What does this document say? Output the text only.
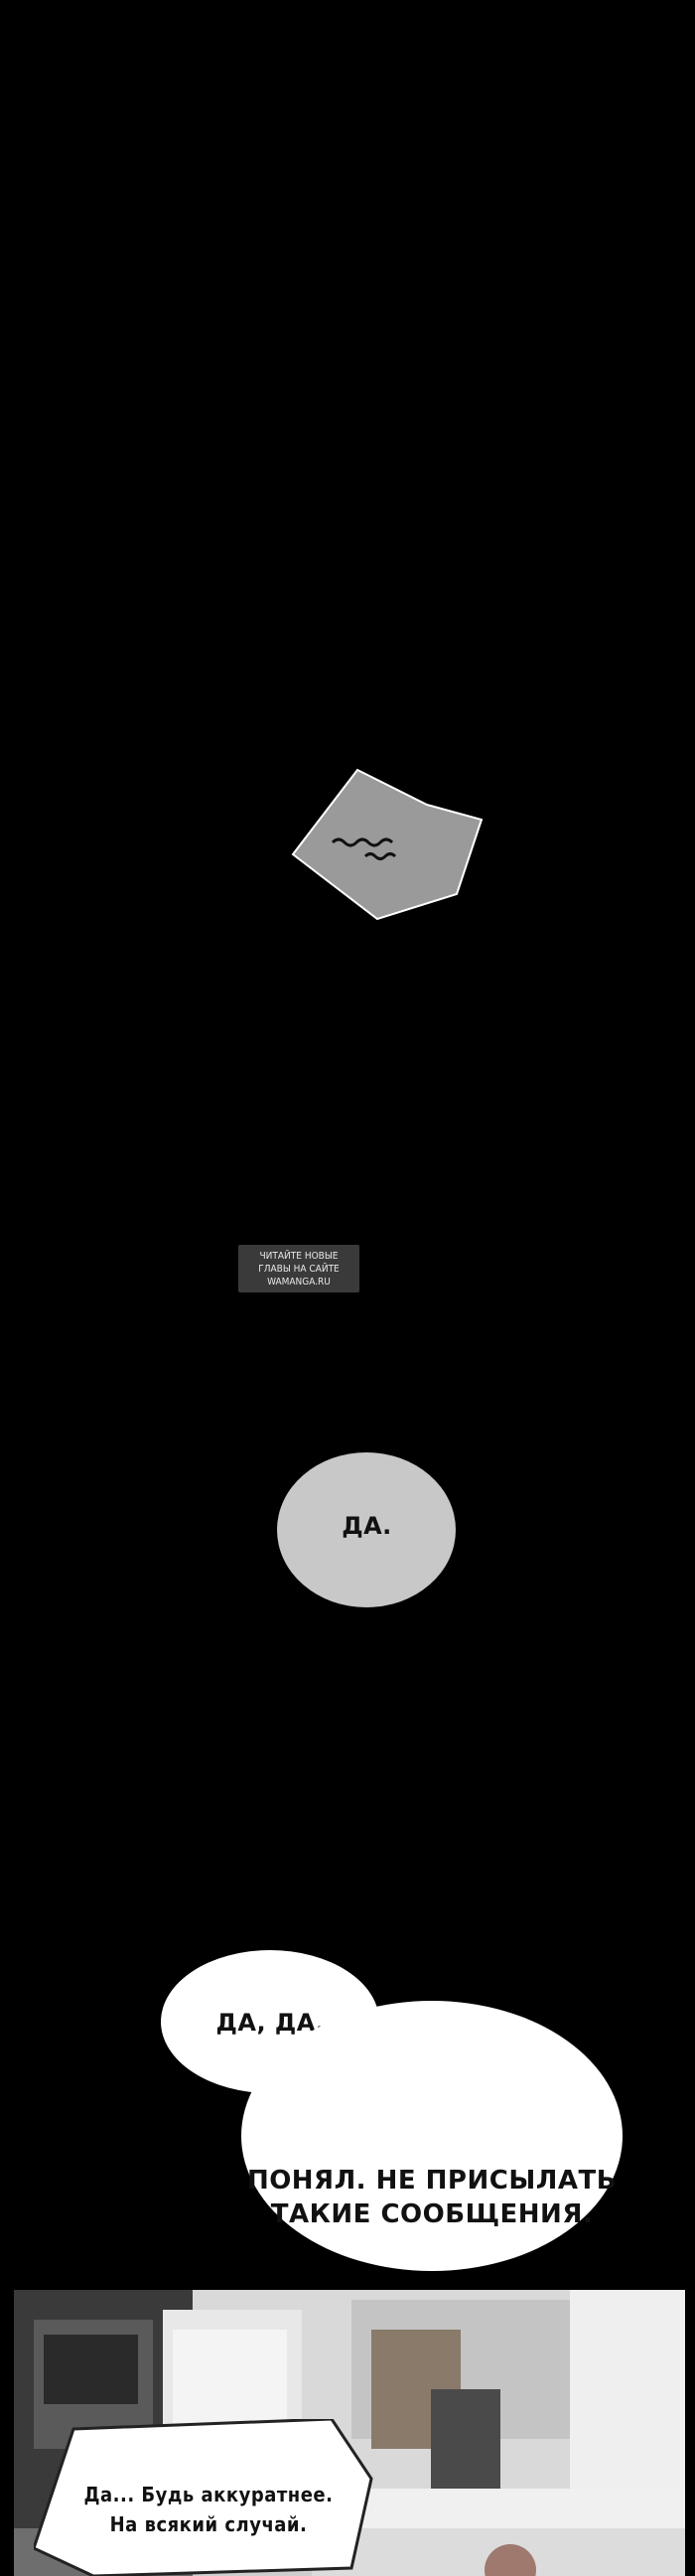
ЧИТАЙТЕ НОВЫЕ
ГЛАВЫ НА САЙТЕ
WAMANGA.RU
ДА.
ДА, ДА.
ПОНЯЛ. НЕ ПРИСЫЛАТЬ
ТАКИЕ СООБЩЕНИЯ.
Да... Будь аккуратнее.
На всякий случай.
